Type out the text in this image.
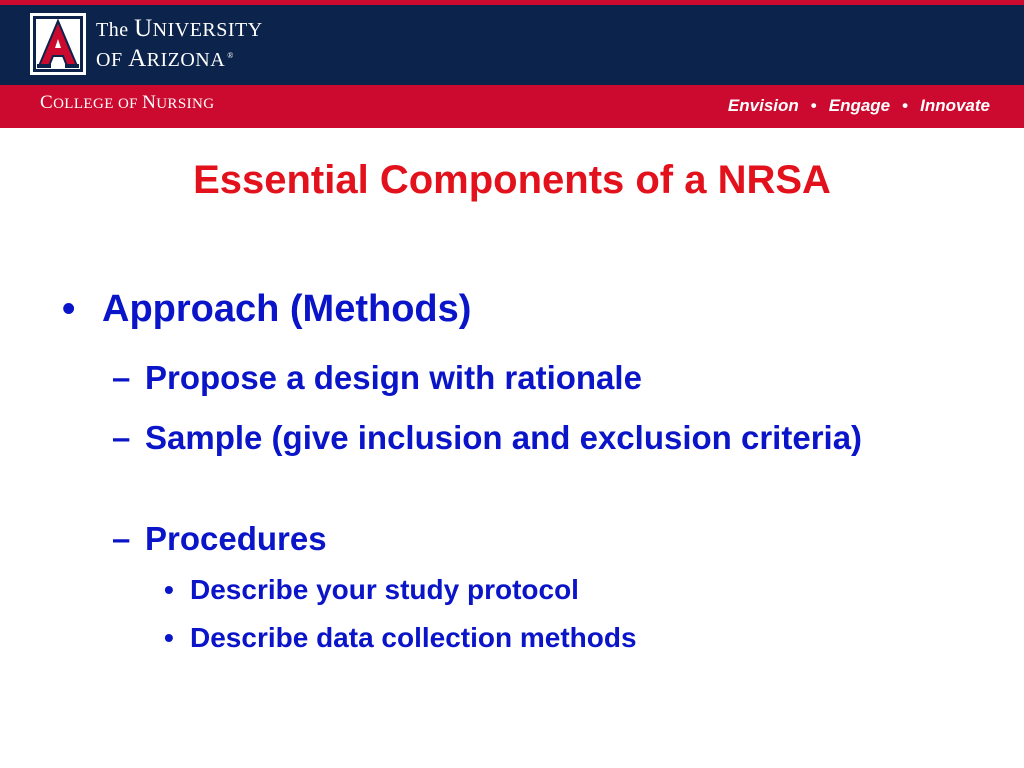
The UNIVERSITY
OF ARIZONA ®
COLLEGE OF NURSING	Envision • Engage • Innovate
Essential Components of a NRSA
• Approach (Methods)
– Propose a design with rationale
– Sample (give inclusion and exclusion criteria)
– Procedures
• Describe your study protocol
• Describe data collection methods
